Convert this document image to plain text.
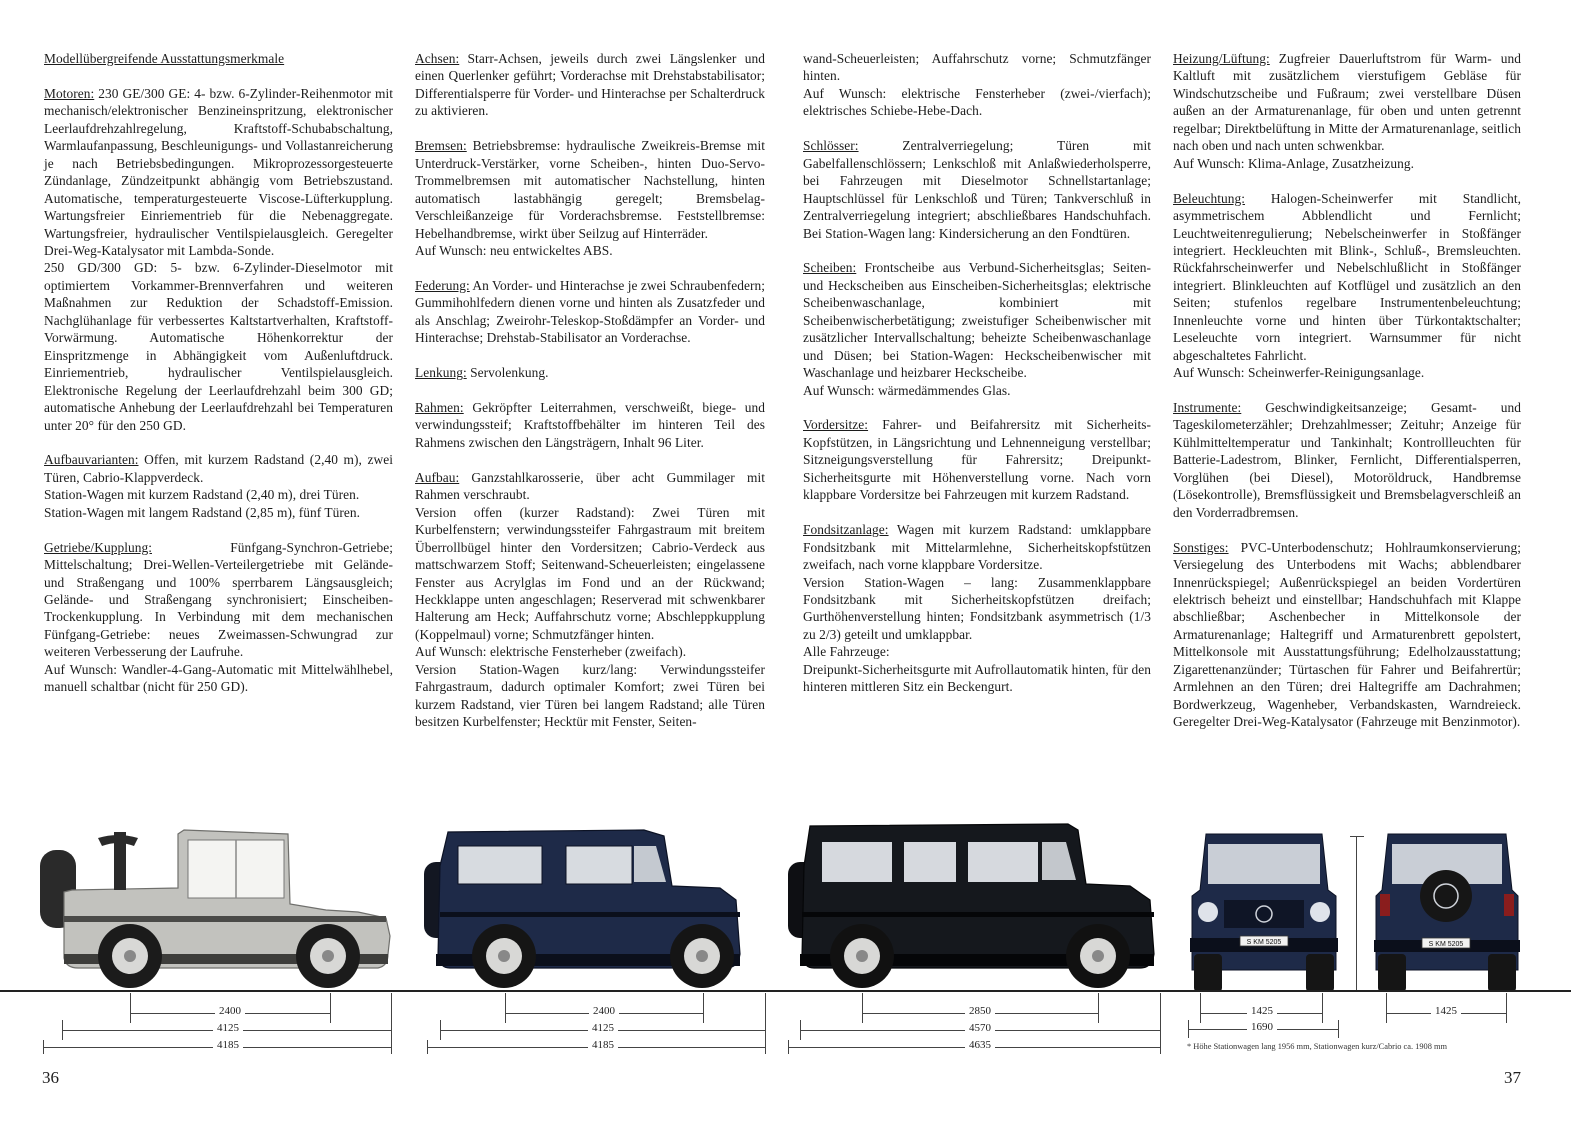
Modellübergreifende Ausstattungsmerkmale

Motoren: 230 GE/300 GE: 4- bzw. 6-Zylinder-Reihenmotor mit mechanisch/elektronischer Benzineinspritzung, elektronischer Leerlaufdrehzahlregelung, Kraftstoff-Schubabschaltung, Warmlaufanpassung, Beschleunigungs- und Vollastanreicherung je nach Betriebsbedingungen. Mikroprozessorgesteuerte Zündanlage, Zündzeitpunkt abhängig vom Betriebszustand. Automatische, temperaturgesteuerte Viscose-Lüfterkupplung. Wartungsfreier Einriementrieb für die Nebenaggregate. Wartungsfreier, hydraulischer Ventilspielausgleich. Geregelter Drei-Weg-Katalysator mit Lambda-Sonde.

250 GD/300 GD: 5- bzw. 6-Zylinder-Dieselmotor mit optimiertem Vorkammer-Brennverfahren und weiteren Maßnahmen zur Reduktion der Schadstoff-Emission. Nachglühanlage für verbessertes Kaltstartverhalten, Kraftstoff-Vorwärmung. Automatische Höhenkorrektur der Einspritzmenge in Abhängigkeit vom Außenluftdruck. Einriementrieb, hydraulischer Ventilspielausgleich. Elektronische Regelung der Leerlaufdrehzahl beim 300 GD; automatische Anhebung der Leerlaufdrehzahl bei Temperaturen unter 20° für den 250 GD.

Aufbauvarianten: Offen, mit kurzem Radstand (2,40 m), zwei Türen, Cabrio-Klappverdeck.

Station-Wagen mit kurzem Radstand (2,40 m), drei Türen.

Station-Wagen mit langem Radstand (2,85 m), fünf Türen.

Getriebe/Kupplung: Fünfgang-Synchron-Getriebe; Mittelschaltung; Drei-Wellen-Verteilergetriebe mit Gelände- und Straßengang und 100% sperrbarem Längsausgleich; Gelände- und Straßengang synchronisiert; Einscheiben-Trockenkupplung. In Verbindung mit dem mechanischen Fünfgang-Getriebe: neues Zweimassen-Schwungrad zur weiteren Verbesserung der Laufruhe.

Auf Wunsch: Wandler-4-Gang-Automatic mit Mittelwählhebel, manuell schaltbar (nicht für 250 GD).

Achsen: Starr-Achsen, jeweils durch zwei Längslenker und einen Querlenker geführt; Vorderachse mit Drehstabstabilisator; Differentialsperre für Vorder- und Hinterachse per Schalterdruck zu aktivieren.

Bremsen: Betriebsbremse: hydraulische Zweikreis-Bremse mit Unterdruck-Verstärker, vorne Scheiben-, hinten Duo-Servo-Trommelbremsen mit automatischer Nachstellung, hinten automatisch lastabhängig geregelt; Bremsbelag-Verschleißanzeige für Vorderachsbremse. Feststellbremse: Hebelhandbremse, wirkt über Seilzug auf Hinterräder.

Auf Wunsch: neu entwickeltes ABS.

Federung: An Vorder- und Hinterachse je zwei Schraubenfedern; Gummihohlfedern dienen vorne und hinten als Zusatzfeder und als Anschlag; Zweirohr-Teleskop-Stoßdämpfer an Vorder- und Hinterachse; Drehstab-Stabilisator an Vorderachse.

Lenkung: Servolenkung.

Rahmen: Gekröpfter Leiterrahmen, verschweißt, biege- und verwindungssteif; Kraftstoffbehälter im hinteren Teil des Rahmens zwischen den Längsträgern, Inhalt 96 Liter.

Aufbau: Ganzstahlkarosserie, über acht Gummilager mit Rahmen verschraubt.

Version offen (kurzer Radstand): Zwei Türen mit Kurbelfenstern; verwindungssteifer Fahrgastraum mit breitem Überrollbügel hinter den Vordersitzen; Cabrio-Verdeck aus mattschwarzem Stoff; Seitenwand-Scheuerleisten; eingelassene Fenster aus Acrylglas im Fond und an der Rückwand; Heckklappe unten angeschlagen; Reserverad mit schwenkbarer Halterung am Heck; Auffahrschutz vorne; Abschleppkupplung (Koppelmaul) vorne; Schmutzfänger hinten.

Auf Wunsch: elektrische Fensterheber (zweifach).

Version Station-Wagen kurz/lang: Verwindungssteifer Fahrgastraum, dadurch optimaler Komfort; zwei Türen bei kurzem Radstand, vier Türen bei langem Radstand; alle Türen besitzen Kurbelfenster; Hecktür mit Fenster, Seiten-

wand-Scheuerleisten; Auffahrschutz vorne; Schmutzfänger hinten.

Auf Wunsch: elektrische Fensterheber (zwei-/vierfach); elektrisches Schiebe-Hebe-Dach.

Schlösser: Zentralverriegelung; Türen mit Gabelfallenschlössern; Lenkschloß mit Anlaßwiederholsperre, bei Fahrzeugen mit Dieselmotor Schnellstartanlage; Hauptschlüssel für Lenkschloß und Türen; Tankverschluß in Zentralverriegelung integriert; abschließbares Handschuhfach. Bei Station-Wagen lang: Kindersicherung an den Fondtüren.

Scheiben: Frontscheibe aus Verbund-Sicherheitsglas; Seiten- und Heckscheiben aus Einscheiben-Sicherheitsglas; elektrische Scheibenwaschanlage, kombiniert mit Scheibenwischerbetätigung; zweistufiger Scheibenwischer mit zusätzlicher Intervallschaltung; beheizte Scheibenwaschanlage und Düsen; bei Station-Wagen: Heckscheibenwischer mit Waschanlage und heizbarer Heckscheibe.

Auf Wunsch: wärmedämmendes Glas.

Vordersitze: Fahrer- und Beifahrersitz mit Sicherheits-Kopfstützen, in Längsrichtung und Lehnenneigung verstellbar; Sitzneigungsverstellung für Fahrersitz; Dreipunkt-Sicherheitsgurte mit Höhenverstellung vorne. Nach vorn klappbare Vordersitze bei Fahrzeugen mit kurzem Radstand.

Fondsitzanlage: Wagen mit kurzem Radstand: umklappbare Fondsitzbank mit Mittelarmlehne, Sicherheitskopfstützen zweifach, nach vorne klappbare Vordersitze.

Version Station-Wagen – lang: Zusammenklappbare Fondsitzbank mit Sicherheitskopfstützen dreifach; Gurthöhenverstellung hinten; Fondsitzbank asymmetrisch (1/3 zu 2/3) geteilt und umklappbar.

Alle Fahrzeuge:

Dreipunkt-Sicherheitsgurte mit Aufrollautomatik hinten, für den hinteren mittleren Sitz ein Beckengurt.

Heizung/Lüftung: Zugfreier Dauerluftstrom für Warm- und Kaltluft mit zusätzlichem vierstufigem Gebläse für Windschutzscheibe und Fußraum; zwei verstellbare Düsen außen an der Armaturenanlage, für oben und unten getrennt regelbar; Direktbelüftung in Mitte der Armaturenanlage, seitlich nach oben und nach unten schwenkbar.

Auf Wunsch: Klima-Anlage, Zusatzheizung.

Beleuchtung: Halogen-Scheinwerfer mit Standlicht, asymmetrischem Abblendlicht und Fernlicht; Leuchtweitenregulierung; Nebelscheinwerfer in Stoßfänger integriert. Heckleuchten mit Blink-, Schluß-, Bremsleuchten. Rückfahrscheinwerfer und Nebelschlußlicht in Stoßfänger integriert. Blinkleuchten auf Kotflügel und zusätzlich an den Seiten; stufenlos regelbare Instrumentenbeleuchtung; Innenleuchte vorne und hinten über Türkontaktschalter; Leseleuchte vorn integriert. Warnsummer für nicht abgeschaltetes Fahrlicht.

Auf Wunsch: Scheinwerfer-Reinigungsanlage.

Instrumente: Geschwindigkeitsanzeige; Gesamt- und Tageskilometerzähler; Drehzahlmesser; Zeituhr; Anzeige für Kühlmitteltemperatur und Tankinhalt; Kontrollleuchten für Batterie-Ladestrom, Blinker, Fernlicht, Differentialsperren, Vorglühen (bei Diesel), Motoröldruck, Handbremse (Lösekontrolle), Bremsflüssigkeit und Bremsbelagverschleiß an den Vorderradbremsen.

Sonstiges: PVC-Unterbodenschutz; Hohlraumkonservierung; Versiegelung des Unterbodens mit Wachs; abblendbarer Innenrückspiegel; Außenrückspiegel an beiden Vordertüren elektrisch beheizt und einstellbar; Handschuhfach mit Klappe abschließbar; Aschenbecher in Mittelkonsole der Armaturenanlage; Haltegriff und Armaturenbrett gepolstert, Mittelkonsole mit Ausstattungsführung; Edelholzausstattung; Zigarettenanzünder; Türtaschen für Fahrer und Beifahrertür; Armlehnen an den Türen; drei Haltegriffe am Dachrahmen; Bordwerkzeug, Wagenheber, Verbandskasten, Warndreieck. Geregelter Drei-Weg-Katalysator (Fahrzeuge mit Benzinmotor).

S KM 5205	S KM 5205
2400
4125
4185
2400
4125
4185
2850
4570
4635
1425
1690
1425
* Höhe Stationwagen lang 1956 mm, Stationwagen kurz/Cabrio ca. 1908 mm
36	37
